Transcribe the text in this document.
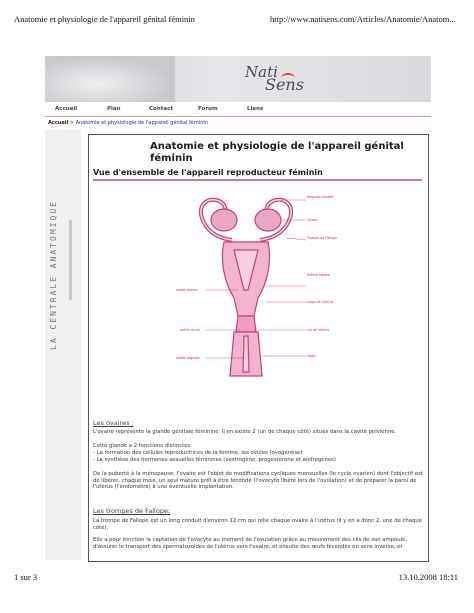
Anatomie et physiologie de l'appareil génital féminin	http://www.natisens.com/Articles/Anatomie/Anatom...
Nati
Sens
Accueil	Plan	Contact	Forum	Liens
Accueil > Anatomie et physiologie de l'appareil génital féminin
LA CENTRALE ANATOMIQUE
Anatomie et physiologie de l'appareil génital féminin
Vue d'ensemble de l'appareil reproducteur féminin
Ampoule tubaire
Ovaire
Trompe de Fallope
Isthme tubaire
cavité utérine
corps de l'utérus
col de l'utérus
orifice du col
Vagin
cavité vaginale
Les ovaires :
L'ovaire représente la glande génitale féminine. Il en existe 2 (un de chaque côté) situés dans la cavité pelvienne.
Cette glande a 2 fonctions distinctes:
- La formation des cellules reproductrices de la femme, les ovules (ovogénèse)
- La synthèse des hormones sexuelles féminines (oestrogène, progestérone et androgènes)
De la puberté à la ménopause, l'ovaire est l'objet de modifications cycliques mensuelles (le cycle ovarien) dont l'objectif est de libérer, chaque mois, un seul mature prêt à être fécondé (l'ovocyte libéré lors de l'ovulation) et de préparer la paroi de l'utérus (l'endomètre) à une éventuelle implantation.
Les trompes de Fallope:
La trompe de Fallope est un long conduit d'environ 12 cm qui relie chaque ovaire à l'utérus (il y en a donc 2, une de chaque côté).
Elle a pour fonction la captation de l'ovocyte au moment de l'ovulation grâce au mouvement des cils de son ampoule, d'assurer le transport des spermatozoïdes de l'utérus vers l'ovaire, et ensuite des œufs fécondés en sens inverse, et
1 sur 3	13.10.2008 18:11
